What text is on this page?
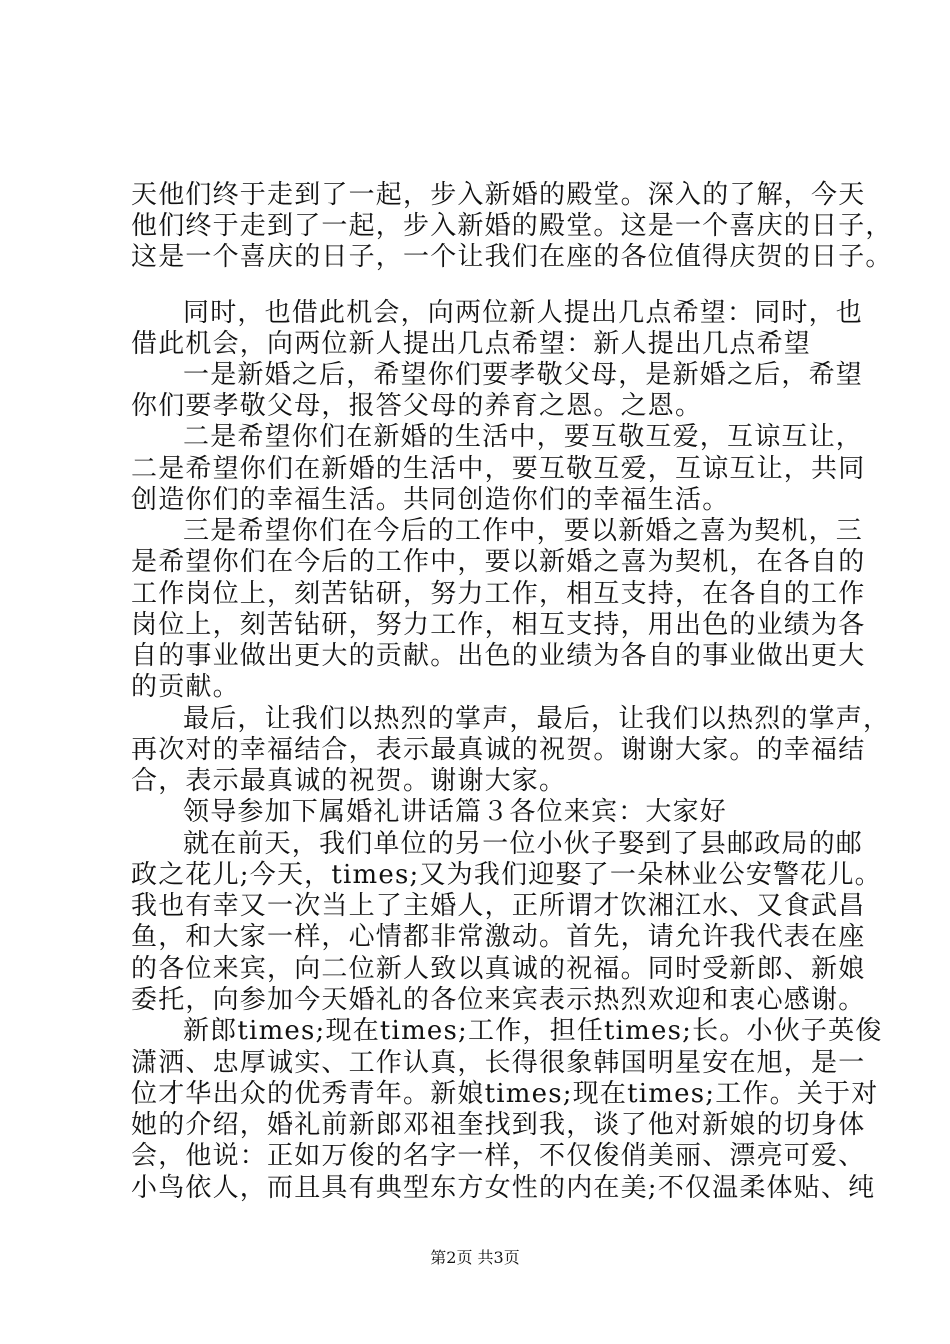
天他们终于走到了一起，步入新婚的殿堂。深入的了解，今天
他们终于走到了一起，步入新婚的殿堂。这是一个喜庆的日子，
这是一个喜庆的日子，一个让我们在座的各位值得庆贺的日子。
同时，也借此机会，向两位新人提出几点希望：同时，也
借此机会，向两位新人提出几点希望：新人提出几点希望
一是新婚之后，希望你们要孝敬父母，是新婚之后，希望
你们要孝敬父母，报答父母的养育之恩。之恩。
二是希望你们在新婚的生活中，要互敬互爱，互谅互让，
二是希望你们在新婚的生活中，要互敬互爱，互谅互让，共同
创造你们的幸福生活。共同创造你们的幸福生活。
三是希望你们在今后的工作中，要以新婚之喜为契机，三
是希望你们在今后的工作中，要以新婚之喜为契机，在各自的
工作岗位上，刻苦钻研，努力工作，相互支持，在各自的工作
岗位上，刻苦钻研，努力工作，相互支持，用出色的业绩为各
自的事业做出更大的贡献。出色的业绩为各自的事业做出更大
的贡献。
最后，让我们以热烈的掌声，最后，让我们以热烈的掌声，
再次对的幸福结合，表示最真诚的祝贺。谢谢大家。的幸福结
合，表示最真诚的祝贺。谢谢大家。
领导参加下属婚礼讲话篇３各位来宾：大家好
就在前天，我们单位的另一位小伙子娶到了县邮政局的邮
政之花儿;今天，times;又为我们迎娶了一朵林业公安警花儿。
我也有幸又一次当上了主婚人，正所谓才饮湘江水、又食武昌
鱼，和大家一样，心情都非常激动。首先，请允许我代表在座
的各位来宾，向二位新人致以真诚的祝福。同时受新郎、新娘
委托，向参加今天婚礼的各位来宾表示热烈欢迎和衷心感谢。
新郎times;现在times;工作，担任times;长。小伙子英俊
潇洒、忠厚诚实、工作认真，长得很象韩国明星安在旭，是一
位才华出众的优秀青年。新娘times;现在times;工作。关于对
她的介绍，婚礼前新郎邓祖奎找到我，谈了他对新娘的切身体
会，他说：正如万俊的名字一样，不仅俊俏美丽、漂亮可爱、
小鸟依人，而且具有典型东方女性的内在美;不仅温柔体贴、纯
第2页 共3页
